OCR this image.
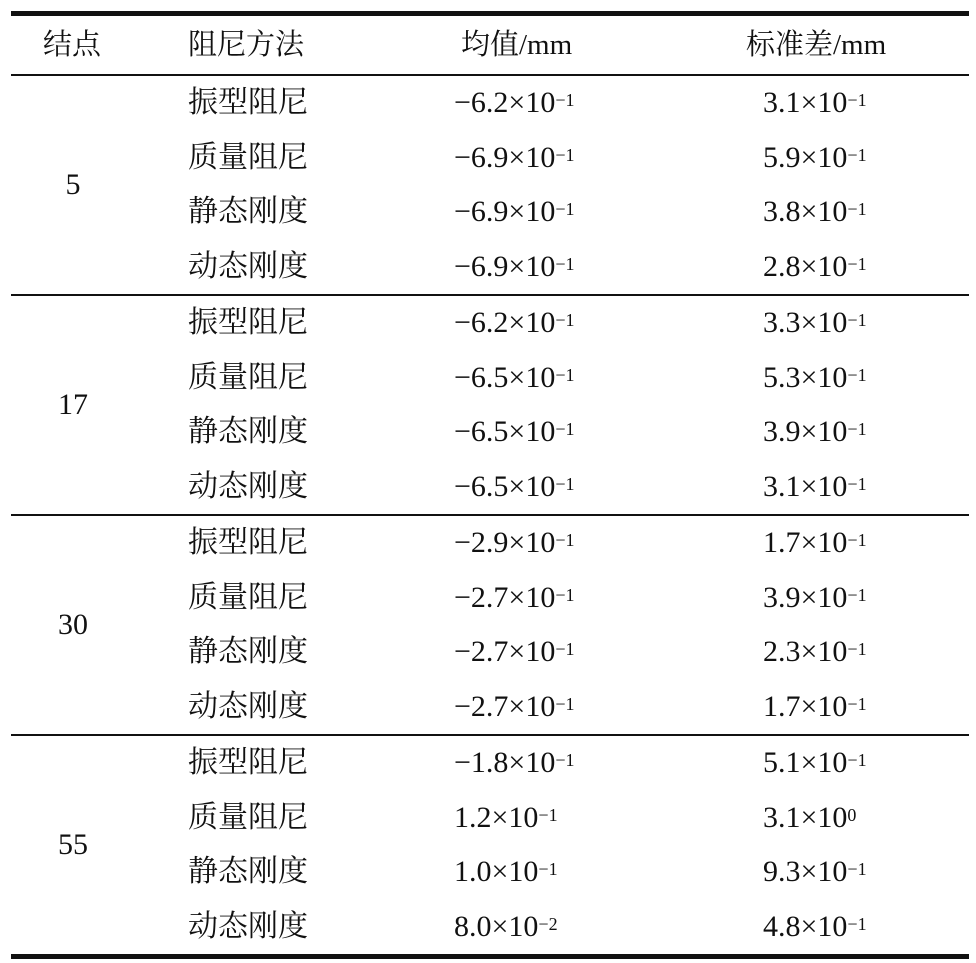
结点	阻尼方法	均值/mm	标准差/mm
5
振型阻尼	$-6.2\times 10^{-1}$	$3.1\times 10^{-1}$
质量阻尼	$-6.9\times 10^{-1}$	$5.9\times 10^{-1}$
静态刚度	$-6.9\times 10^{-1}$	$3.8\times 10^{-1}$
动态刚度	$-6.9\times 10^{-1}$	$2.8\times 10^{-1}$
17
振型阻尼	$-6.2\times 10^{-1}$	$3.3\times 10^{-1}$
质量阻尼	$-6.5\times 10^{-1}$	$5.3\times 10^{-1}$
静态刚度	$-6.5\times 10^{-1}$	$3.9\times 10^{-1}$
动态刚度	$-6.5\times 10^{-1}$	$3.1\times 10^{-1}$
30
振型阻尼	$-2.9\times 10^{-1}$	$1.7\times 10^{-1}$
质量阻尼	$-2.7\times 10^{-1}$	$3.9\times 10^{-1}$
静态刚度	$-2.7\times 10^{-1}$	$2.3\times 10^{-1}$
动态刚度	$-2.7\times 10^{-1}$	$1.7\times 10^{-1}$
55
振型阻尼	$-1.8\times 10^{-1}$	$5.1\times 10^{-1}$
质量阻尼	$1.2\times 10^{-1}$	$3.1\times 10^0$
静态刚度	$1.0\times 10^{-1}$	$9.3\times 10^{-1}$
动态刚度	$8.0\times 10^{-2}$	$4.8\times 10^{-1}$
